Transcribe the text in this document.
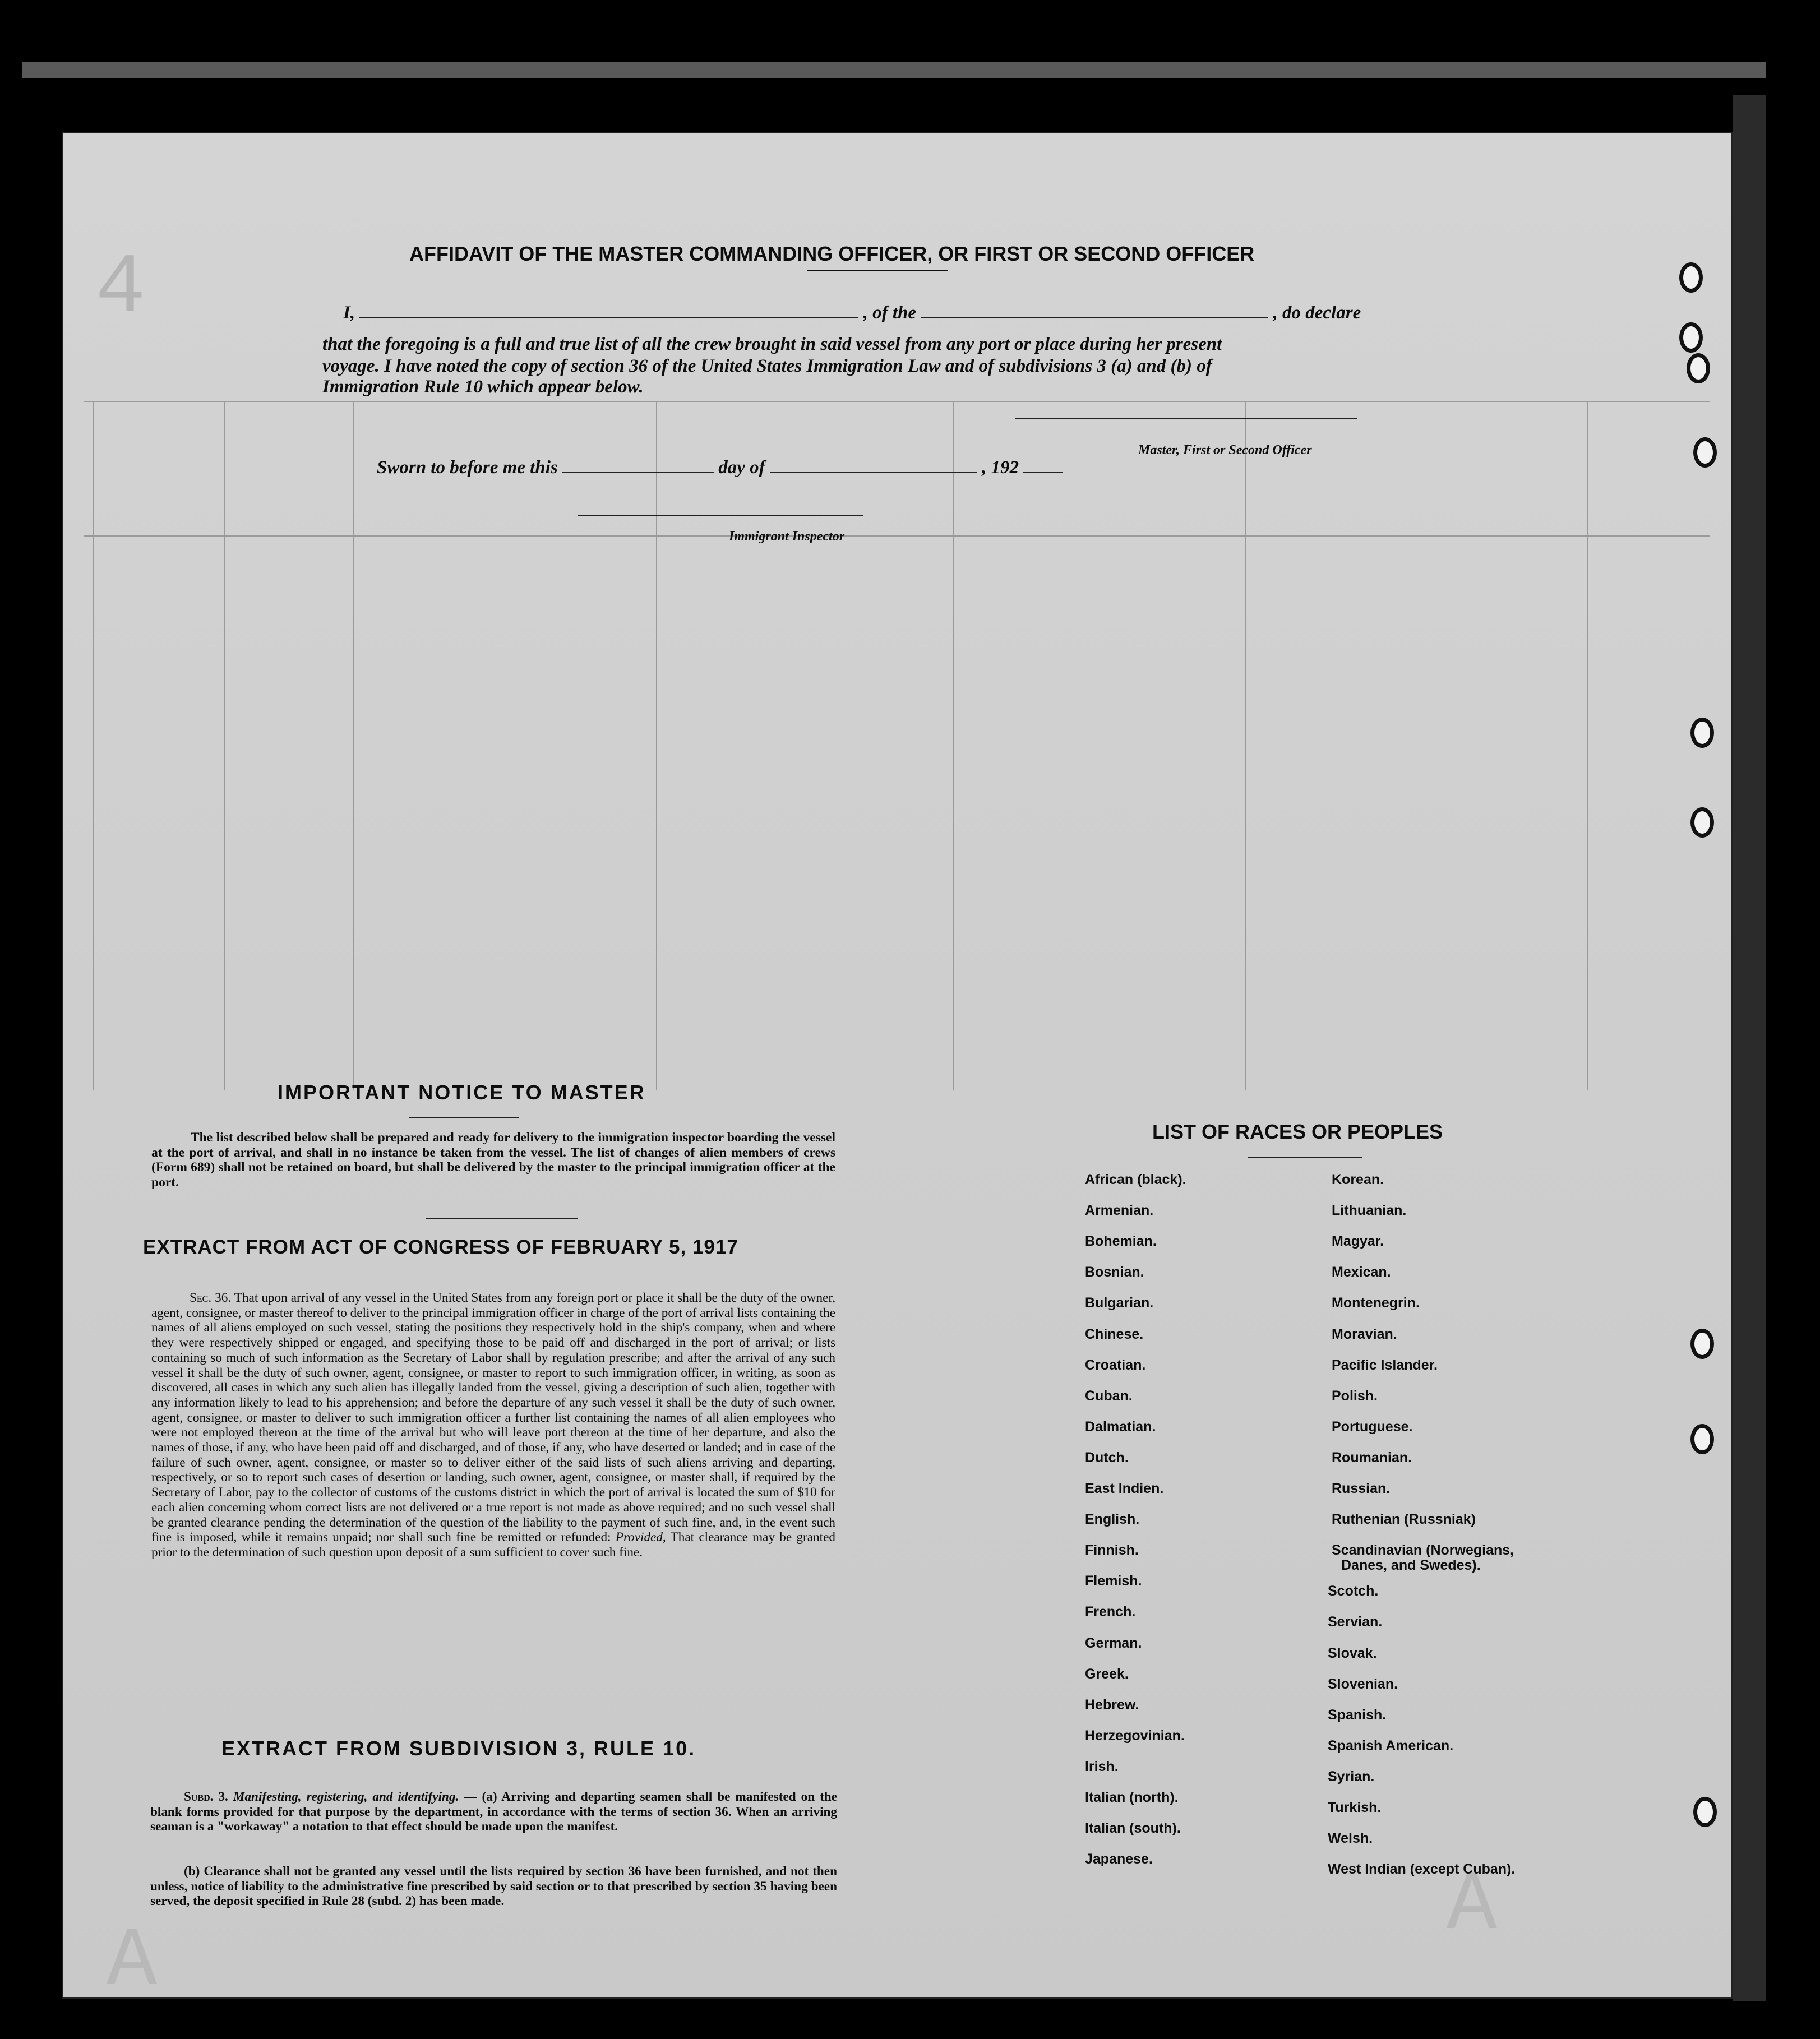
4
A
A
AFFIDAVIT OF THE MASTER COMMANDING OFFICER, OR FIRST OR SECOND OFFICER
I,	, of the	, do declare
that the foregoing is a full and true list of all the crew brought in said vessel from any port or place during her present
voyage. I have noted the copy of section 36 of the United States Immigration Law and of subdivisions 3 (a) and (b) of
Immigration Rule 10 which appear below.
Master, First or Second Officer
Sworn to before me this	day of	, 192
Immigrant Inspector
IMPORTANT NOTICE TO MASTER
The list described below shall be prepared and ready for delivery to the immigration inspector boarding the vessel at the port of arrival, and shall in no instance be taken from the vessel. The list of changes of alien members of crews (Form 689) shall not be retained on board, but shall be delivered by the master to the principal immigration officer at the port.
EXTRACT FROM ACT OF CONGRESS OF FEBRUARY 5, 1917
Sec. 36. That upon arrival of any vessel in the United States from any foreign port or place it shall be the duty of the owner, agent, consignee, or master thereof to deliver to the principal immigration officer in charge of the port of arrival lists containing the names of all aliens employed on such vessel, stating the positions they respectively hold in the ship's company, when and where they were respectively shipped or engaged, and specifying those to be paid off and discharged in the port of arrival; or lists containing so much of such information as the Secretary of Labor shall by regulation prescribe; and after the arrival of any such vessel it shall be the duty of such owner, agent, consignee, or master to report to such immigration officer, in writing, as soon as discovered, all cases in which any such alien has illegally landed from the vessel, giving a description of such alien, together with any information likely to lead to his apprehension; and before the departure of any such vessel it shall be the duty of such owner, agent, consignee, or master to deliver to such immigration officer a further list containing the names of all alien employees who were not employed thereon at the time of the arrival but who will leave port thereon at the time of her departure, and also the names of those, if any, who have been paid off and discharged, and of those, if any, who have deserted or landed; and in case of the failure of such owner, agent, consignee, or master so to deliver either of the said lists of such aliens arriving and departing, respectively, or so to report such cases of desertion or landing, such owner, agent, consignee, or master shall, if required by the Secretary of Labor, pay to the collector of customs of the customs district in which the port of arrival is located the sum of $10 for each alien concerning whom correct lists are not delivered or a true report is not made as above required; and no such vessel shall be granted clearance pending the determination of the question of the liability to the payment of such fine, and, in the event such fine is imposed, while it remains unpaid; nor shall such fine be remitted or refunded: Provided, That clearance may be granted prior to the determination of such question upon deposit of a sum sufficient to cover such fine.
EXTRACT FROM SUBDIVISION 3, RULE 10.
Subd. 3. Manifesting, registering, and identifying. — (a) Arriving and departing seamen shall be manifested on the blank forms provided for that purpose by the department, in accordance with the terms of section 36. When an arriving seaman is a "workaway" a notation to that effect should be made upon the manifest.
(b) Clearance shall not be granted any vessel until the lists required by section 36 have been furnished, and not then unless, notice of liability to the administrative fine prescribed by said section or to that prescribed by section 35 having been served, the deposit specified in Rule 28 (subd. 2) has been made.
LIST OF RACES OR PEOPLES
African (black).
Armenian.
Bohemian.
Bosnian.
Bulgarian.
Chinese.
Croatian.
Cuban.
Dalmatian.
Dutch.
East Indien.
English.
Finnish.
Flemish.
French.
German.
Greek.
Hebrew.
Herzegovinian.
Irish.
Italian (north).
Italian (south).
Japanese.
Korean.
Lithuanian.
Magyar.
Mexican.
Montenegrin.
Moravian.
Pacific Islander.
Polish.
Portuguese.
Roumanian.
Russian.
Ruthenian (Russniak)
Scandinavian (Norwegians,
Scotch.
Servian.
Slovak.
Slovenian.
Spanish.
Spanish American.
Syrian.
Turkish.
Welsh.
West Indian (except Cuban).
Danes, and Swedes).
